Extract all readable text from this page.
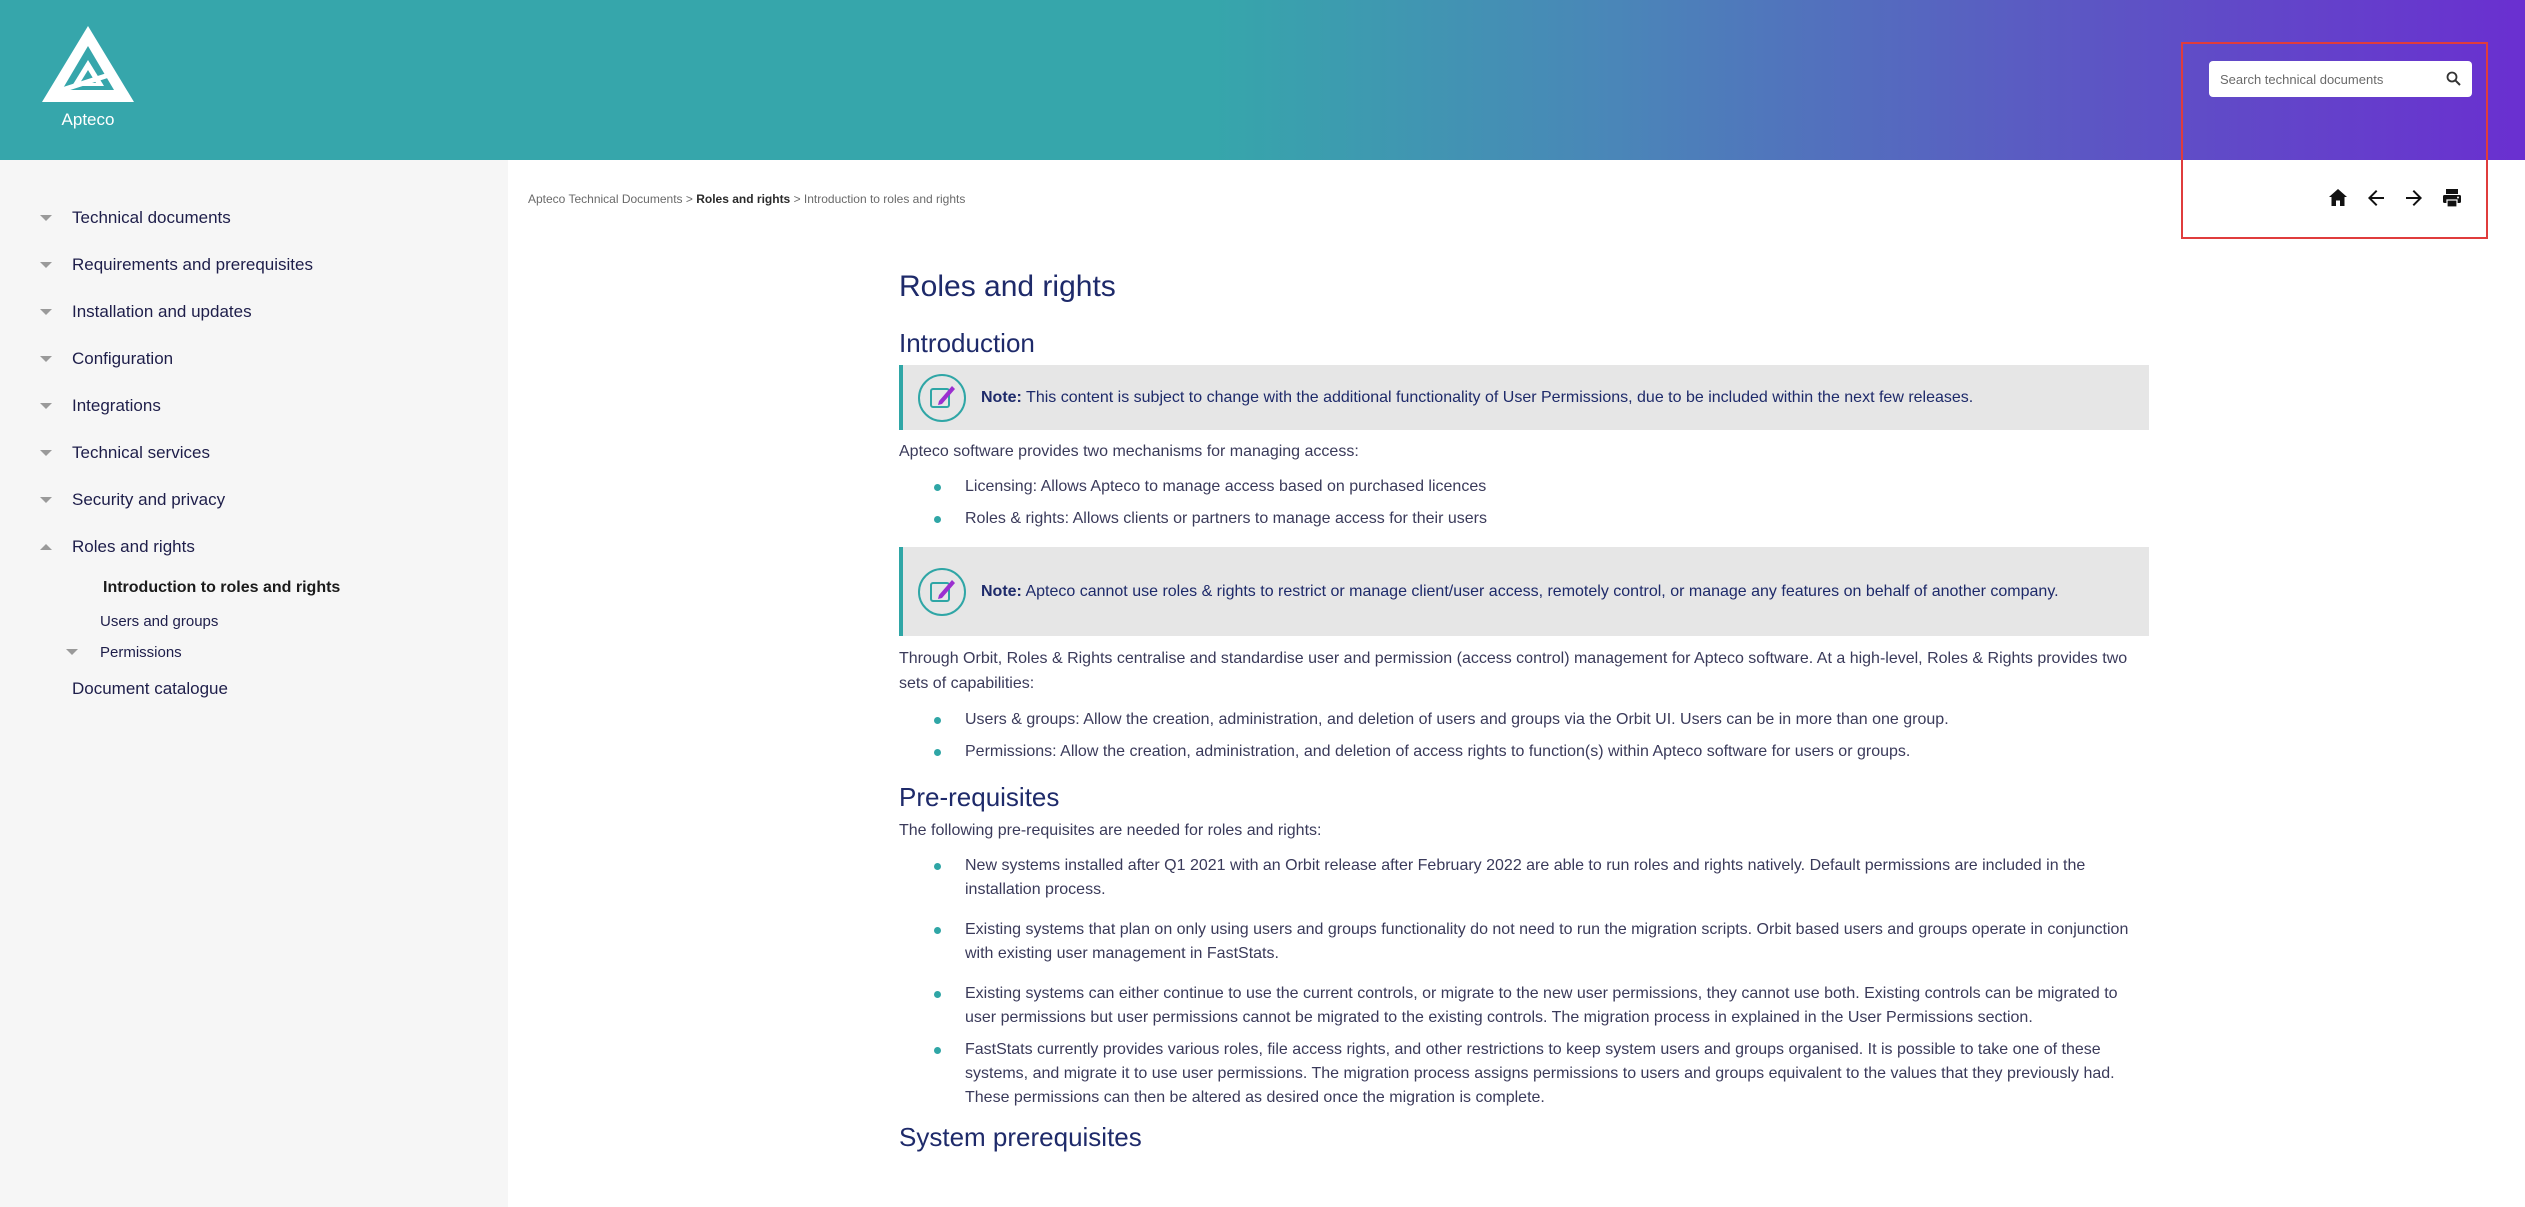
Apteco
Search technical documents
Technical documents
Requirements and prerequisites
Installation and updates
Configuration
Integrations
Technical services
Security and privacy
Roles and rights
Introduction to roles and rights
Users and groups
Permissions
Document catalogue
Apteco Technical Documents > Roles and rights > Introduction to roles and rights
Roles and rights
Introduction
Note: This content is subject to change with the additional functionality of User Permissions, due to be included within the next few releases.

Apteco software provides two mechanisms for managing access:

Licensing: Allows Apteco to manage access based on purchased licences
Roles & rights: Allows clients or partners to manage access for their users
Note: Apteco cannot use roles & rights to restrict or manage client/user access, remotely control, or manage any features on behalf of another company.

Through Orbit, Roles & Rights centralise and standardise user and permission (access control) management for Apteco software. At a high-level, Roles & Rights provides two sets of capabilities:

Users & groups: Allow the creation, administration, and deletion of users and groups via the Orbit UI. Users can be in more than one group.
Permissions: Allow the creation, administration, and deletion of access rights to function(s) within Apteco software for users or groups.
Pre-requisites

The following pre-requisites are needed for roles and rights:

New systems installed after Q1 2021 with an Orbit release after February 2022 are able to run roles and rights natively. Default permissions are included in the installation process.
Existing systems that plan on only using users and groups functionality do not need to run the migration scripts. Orbit based users and groups operate in conjunction with existing user management in FastStats.
Existing systems can either continue to use the current controls, or migrate to the new user permissions, they cannot use both. Existing controls can be migrated to user permissions but user permissions cannot be migrated to the existing controls. The migration process in explained in the User Permissions section.
FastStats currently provides various roles, file access rights, and other restrictions to keep system users and groups organised. It is possible to take one of these systems, and migrate it to use user permissions. The migration process assigns permissions to users and groups equivalent to the values that they previously had. These permissions can then be altered as desired once the migration is complete.
System prerequisites
